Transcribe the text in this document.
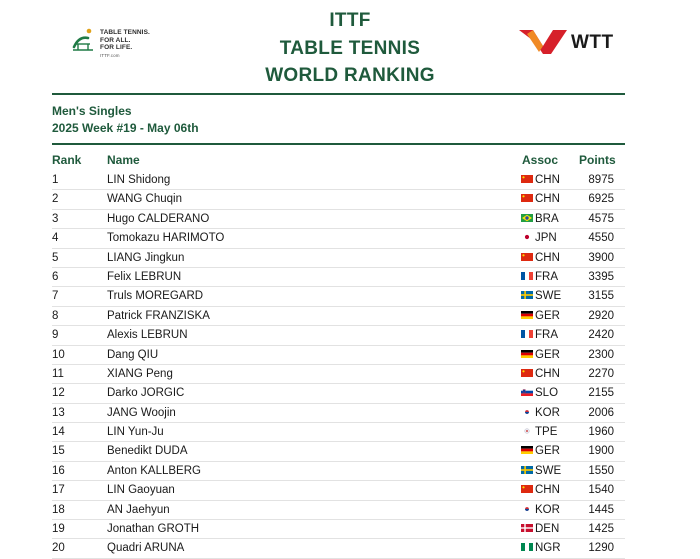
TABLE TENNIS.
FOR ALL.
FOR LIFE.
ITTF.com
ITTF
TABLE TENNIS
WORLD RANKING
WTT
Men's Singles
2025 Week #19 - May 06th
Rank Name	Assoc Points
1	LIN Shidong	CHN	8975
2	WANG Chuqin	CHN	6925
3	Hugo CALDERANO	BRA	4575
4	Tomokazu HARIMOTO	JPN	4550
5	LIANG Jingkun	CHN	3900
6	Felix LEBRUN	FRA	3395
7	Truls MOREGARD	SWE	3155
8	Patrick FRANZISKA	GER	2920
9	Alexis LEBRUN	FRA	2420
10	Dang QIU	GER	2300
11	XIANG Peng	CHN	2270
12	Darko JORGIC	SLO	2155
13	JANG Woojin	KOR	2006
14	LIN Yun-Ju	TPE	1960
15	Benedikt DUDA	GER	1900
16	Anton KALLBERG	SWE	1550
17	LIN Gaoyuan	CHN	1540
18	AN Jaehyun	KOR	1445
19	Jonathan GROTH	DEN	1425
20	Quadri ARUNA	NGR	1290
